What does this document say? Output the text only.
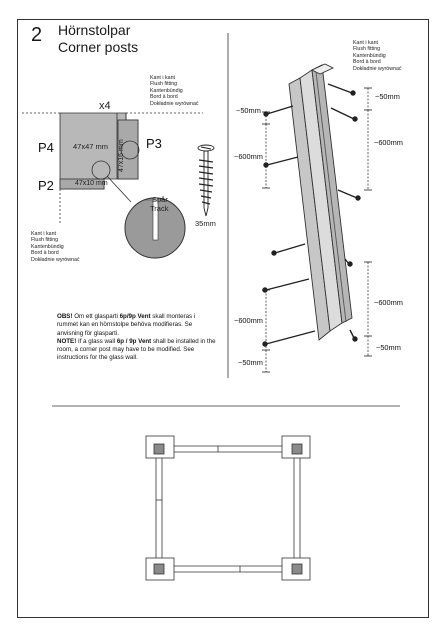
2 Hörnstolpar
Corner posts
Kant i kant
Flush fitting
Kantenbündig
Bord à bord
Dokładnie wyrównać
Kant i kant
Flush fitting
Kantenbündig
Bord à bord
Dokładnie wyrównać
Kant i kant
Flush fitting
Kantenbündig
Bord à bord
Dokładnie wyrównać
x4
P4	P3
P2
47x47 mm 47x16 mm
47x10 mm
Spår
Track
35mm
~50mm
~600mm
~600mm
~50mm
~50mm
~600mm
~600mm
~50mm
OBS! Om ett glasparti 6p/9p Vent skall monteras i rummet kan en hörnstolpe behöva modifieras. Se anvisning för glasparti.
NOTE! If a glass wall 6p / 9p Vent shall be installed in the room, a corner post may have to be modified. See instructions for the glass wall.
